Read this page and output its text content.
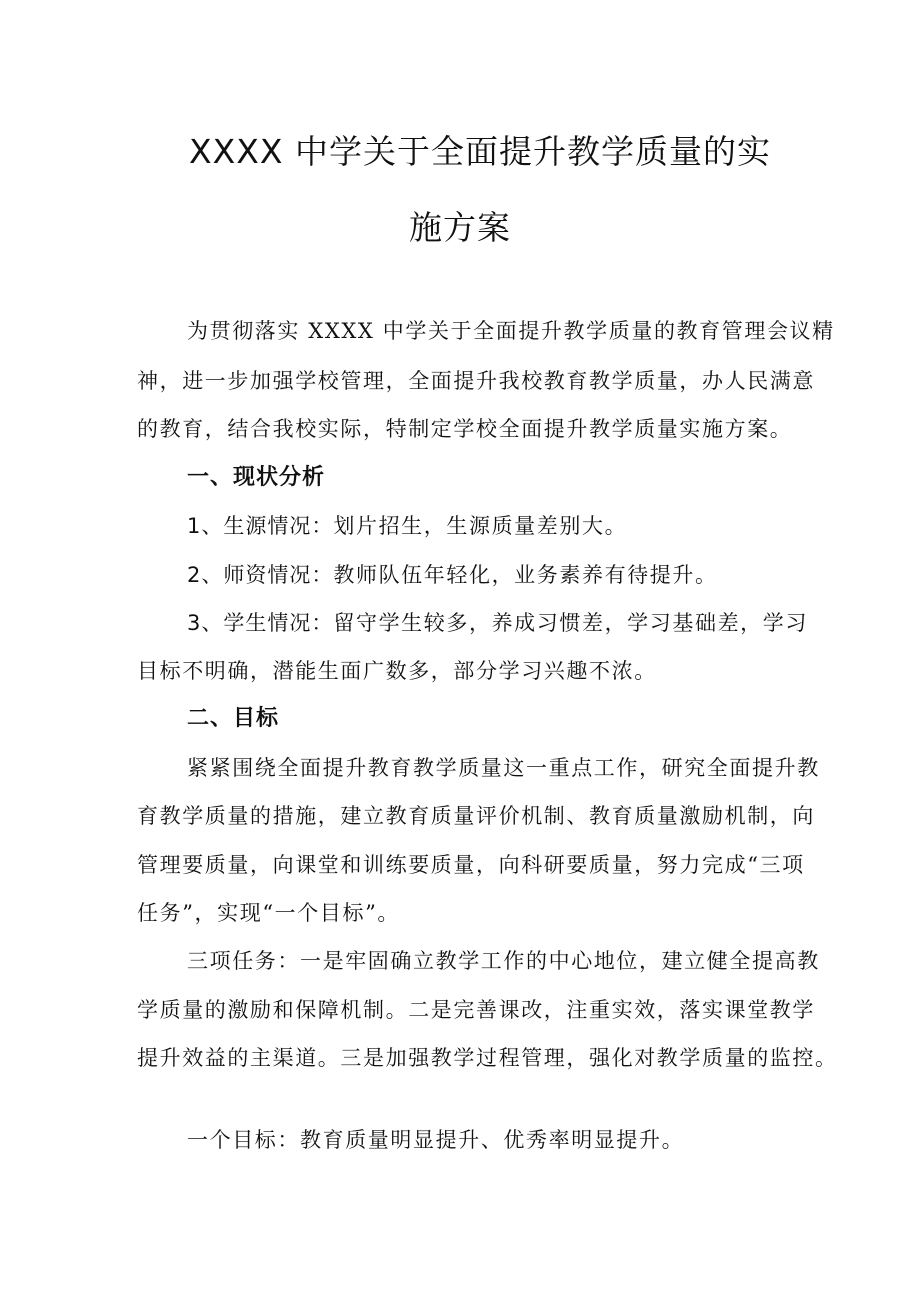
XXXX 中学关于全面提升教学质量的实
施方案

为贯彻落实 XXXX 中学关于全面提升教学质量的教育管理会议精

神，进一步加强学校管理，全面提升我校教育教学质量，办人民满意

的教育，结合我校实际，特制定学校全面提升教学质量实施方案。

一、现状分析

1、生源情况：划片招生，生源质量差别大。

2、师资情况：教师队伍年轻化，业务素养有待提升。

3、学生情况：留守学生较多，养成习惯差，学习基础差，学习

目标不明确，潜能生面广数多，部分学习兴趣不浓。

二、目标

紧紧围绕全面提升教育教学质量这一重点工作，研究全面提升教

育教学质量的措施，建立教育质量评价机制、教育质量激励机制，向

管理要质量，向课堂和训练要质量，向科研要质量，努力完成“三项

任务”，实现“一个目标”。

三项任务：一是牢固确立教学工作的中心地位，建立健全提高教

学质量的激励和保障机制。二是完善课改，注重实效，落实课堂教学

提升效益的主渠道。三是加强教学过程管理，强化对教学质量的监控。

一个目标：教育质量明显提升、优秀率明显提升。
